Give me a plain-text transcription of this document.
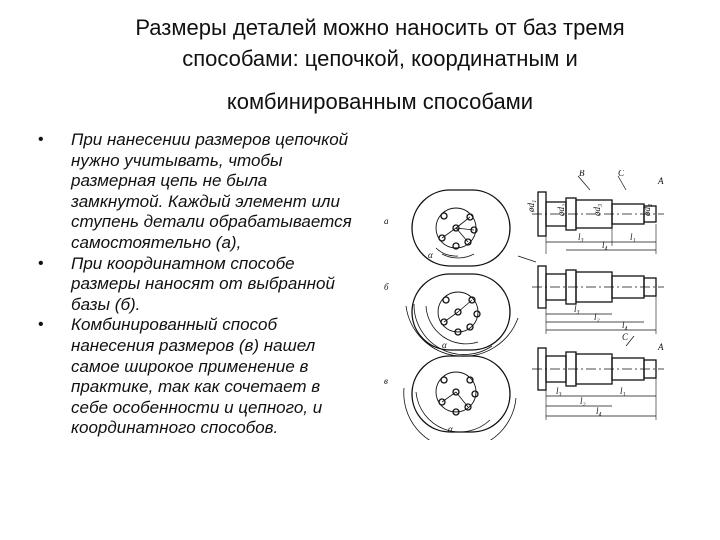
Размеры деталей можно наносить от баз тремя
способами: цепочкой, координатным и
комбинированным способами
• При нанесении размеров цепочкой нужно учитывать, чтобы размерная цепь не была замкнутой. Каждый элемент или ступень детали обрабатывается самостоятельно (а),
• При координатном способе размеры наносят от выбранной базы (б).
• Комбинированный способ нанесения размеров (в) нашел самое широкое применение в практике, так как сочетает в себе особенности и цепного, и координатного способов.
а
б
в
B	C
A
C
A
ød₁ ød₂	ød₃	ød₄
l₃	l₁
l₄
l₃
l₂
l₄
l₃	l₁
l₂
l₄
α
α
α
